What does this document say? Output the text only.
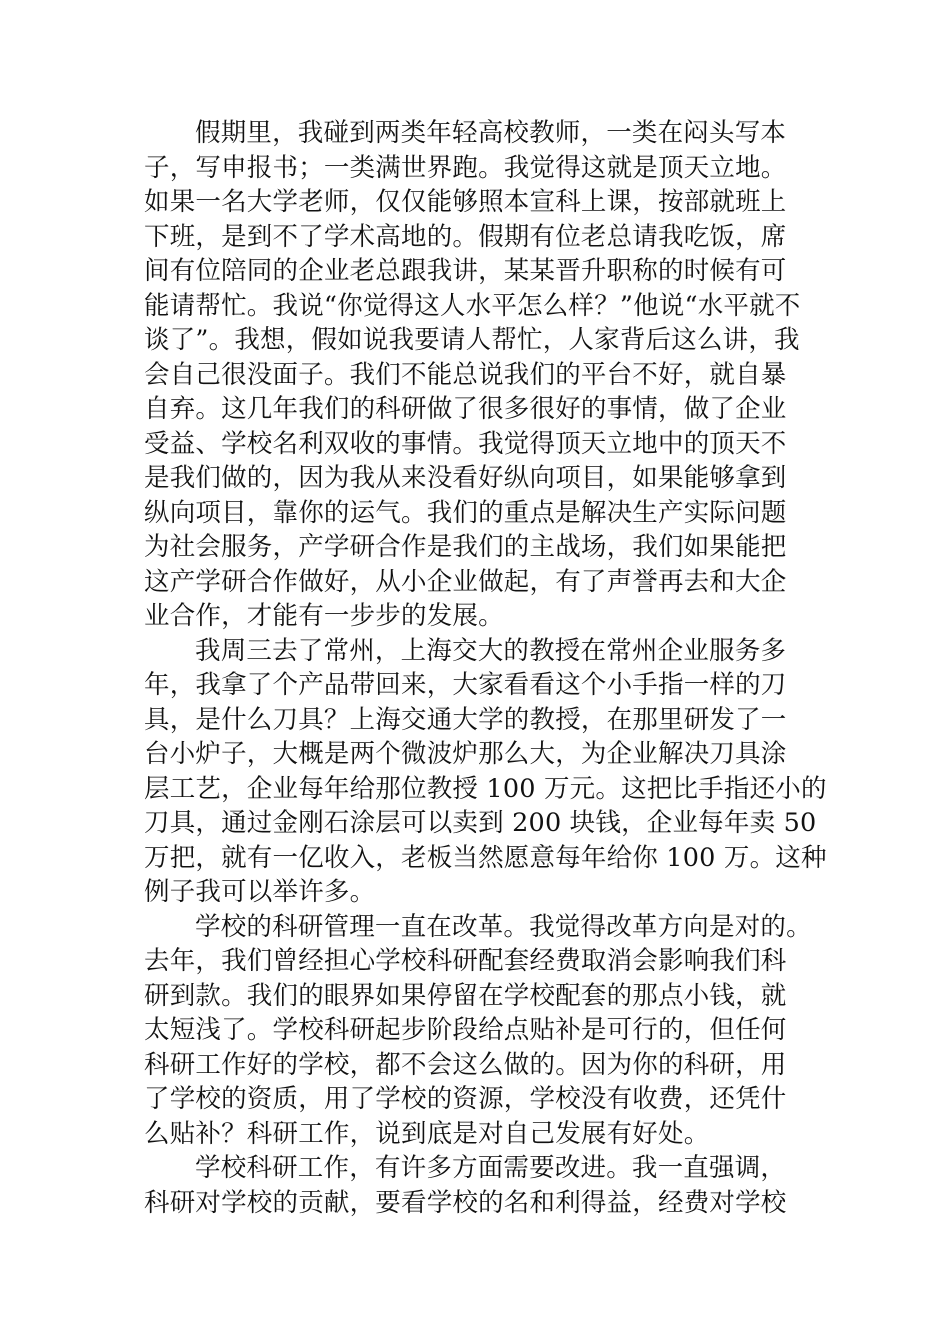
假期里，我碰到两类年轻高校教师，一类在闷头写本
子，写申报书；一类满世界跑。我觉得这就是顶天立地。
如果一名大学老师，仅仅能够照本宣科上课，按部就班上
下班，是到不了学术高地的。假期有位老总请我吃饭，席
间有位陪同的企业老总跟我讲，某某晋升职称的时候有可
能请帮忙。我说“你觉得这人水平怎么样？”他说“水平就不
谈了”。我想，假如说我要请人帮忙，人家背后这么讲，我
会自己很没面子。我们不能总说我们的平台不好，就自暴
自弃。这几年我们的科研做了很多很好的事情，做了企业
受益、学校名利双收的事情。我觉得顶天立地中的顶天不
是我们做的，因为我从来没看好纵向项目，如果能够拿到
纵向项目，靠你的运气。我们的重点是解决生产实际问题
为社会服务，产学研合作是我们的主战场，我们如果能把
这产学研合作做好，从小企业做起，有了声誉再去和大企
业合作，才能有一步步的发展。
我周三去了常州，上海交大的教授在常州企业服务多
年，我拿了个产品带回来，大家看看这个小手指一样的刀
具，是什么刀具？上海交通大学的教授，在那里研发了一
台小炉子，大概是两个微波炉那么大，为企业解决刀具涂
层工艺，企业每年给那位教授 100 万元。这把比手指还小的
刀具，通过金刚石涂层可以卖到 200 块钱，企业每年卖 50
万把，就有一亿收入，老板当然愿意每年给你 100 万。这种
例子我可以举许多。
学校的科研管理一直在改革。我觉得改革方向是对的。
去年，我们曾经担心学校科研配套经费取消会影响我们科
研到款。我们的眼界如果停留在学校配套的那点小钱，就
太短浅了。学校科研起步阶段给点贴补是可行的，但任何
科研工作好的学校，都不会这么做的。因为你的科研，用
了学校的资质，用了学校的资源，学校没有收费，还凭什
么贴补？科研工作，说到底是对自己发展有好处。
学校科研工作，有许多方面需要改进。我一直强调，
科研对学校的贡献，要看学校的名和利得益，经费对学校
